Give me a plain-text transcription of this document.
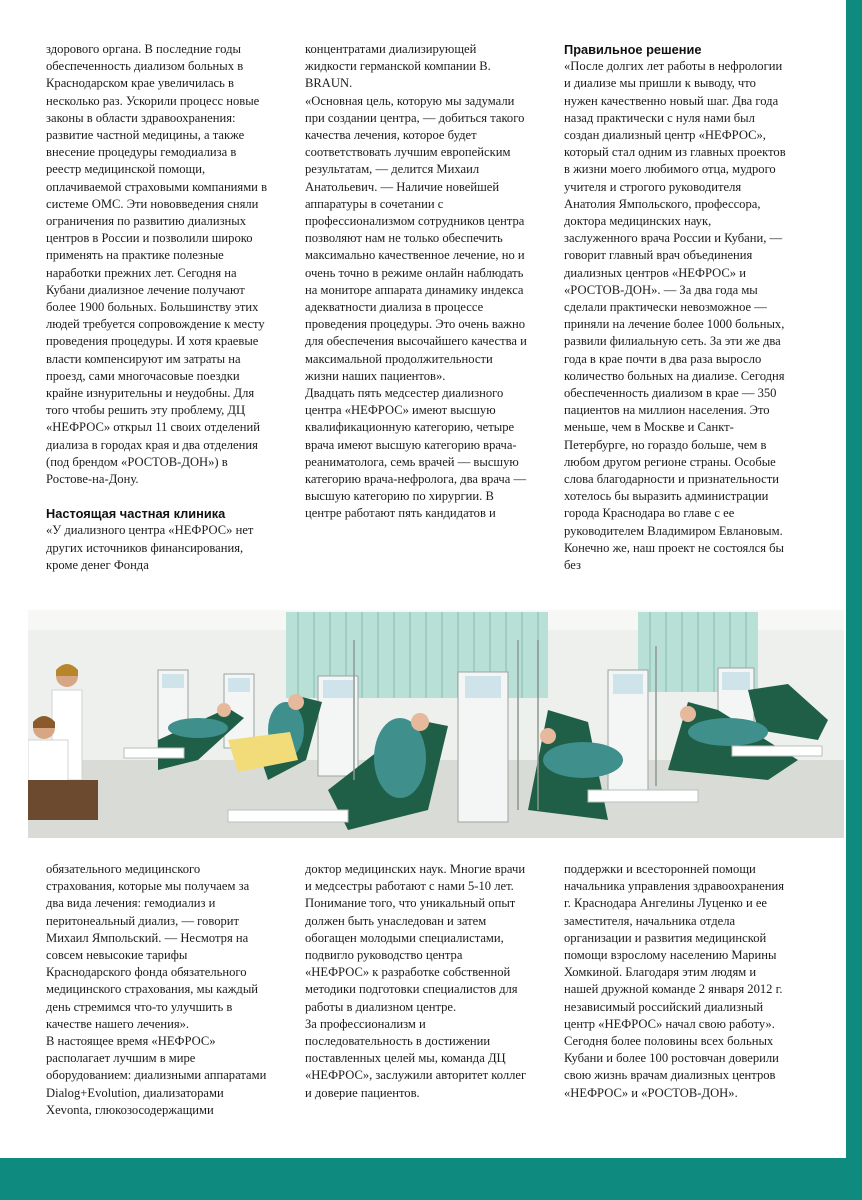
здорового органа. В последние годы обеспеченность диализом больных в Краснодарском крае увеличилась в несколько раз. Ускорили процесс новые законы в области здравоохранения: развитие частной медицины, а также внесение процедуры гемодиализа в реестр медицинской помощи, оплачиваемой страховыми компаниями в системе ОМС. Эти нововведения сняли ограничения по развитию диализных центров в России и позволили широко применять на практике полезные наработки прежних лет. Сегодня на Кубани диализное лечение получают более 1900 больных. Большинству этих людей требуется сопровождение к месту проведения процедуры. И хотя краевые власти компенсируют им затраты на проезд, сами многочасовые поездки крайне изнурительны и неудобны. Для того чтобы решить эту проблему, ДЦ «НЕФРОС» открыл 11 своих отделений диализа в городах края и два отделения (под брендом «РОСТОВ-ДОН») в Ростове-на-Дону.

Настоящая частная клиника

«У диализного центра «НЕФРОС» нет других источников финансирования, кроме денег Фонда

концентратами диализирующей жидкости германской компании B. BRAUN.

«Основная цель, которую мы задумали при создании центра, — добиться такого качества лечения, которое будет соответствовать лучшим европейским результатам, — делится Михаил Анатольевич. — Наличие новейшей аппаратуры в сочетании с профессионализмом сотрудников центра позволяют нам не только обеспечить максимально качественное лечение, но и очень точно в режиме онлайн наблюдать на мониторе аппарата динамику индекса адекватности диализа в процессе проведения процедуры. Это очень важно для обеспечения высочайшего качества и максимальной продолжительности жизни наших пациентов».

Двадцать пять медсестер диализного центра «НЕФРОС» имеют высшую квалификационную категорию, четыре врача имеют высшую категорию врача-реаниматолога, семь врачей — высшую категорию врача-нефролога, два врача — высшую категорию по хирургии. В центре работают пять кандидатов и

Правильное решение

«После долгих лет работы в нефрологии и диализе мы пришли к выводу, что нужен качественно новый шаг. Два года назад практически с нуля нами был создан диализный центр «НЕФРОС», который стал одним из главных проектов в жизни моего любимого отца, мудрого учителя и строгого руководителя Анатолия Ямпольского, профессора, доктора медицинских наук, заслуженного врача России и Кубани, — говорит главный врач объединения диализных центров «НЕФРОС» и «РОСТОВ-ДОН». — За два года мы сделали практически невозможное — приняли на лечение более 1000 больных, развили филиальную сеть. За эти же два года в крае почти в два раза выросло количество больных на диализе. Сегодня обеспеченность диализом в крае — 350 пациентов на миллион населения. Это меньше, чем в Москве и Санкт-Петербурге, но гораздо больше, чем в любом другом регионе страны. Особые слова благодарности и признательности хотелось бы выразить администрации города Краснодара во главе с ее руководителем Владимиром Евлановым. Конечно же, наш проект не состоялся бы без

обязательного медицинского страхования, которые мы получаем за два вида лечения: гемодиализ и перитонеальный диализ, — говорит Михаил Ямпольский. — Несмотря на совсем невысокие тарифы Краснодарского фонда обязательного медицинского страхования, мы каждый день стремимся что-то улучшить в качестве нашего лечения».

В настоящее время «НЕФРОС» располагает лучшим в мире оборудованием: диализными аппаратами Dialog+Evolution, диализаторами Xevonta, глюкозосодержащими

доктор медицинских наук. Многие врачи и медсестры работают с нами 5-10 лет.

Понимание того, что уникальный опыт должен быть унаследован и затем обогащен молодыми специалистами, подвигло руководство центра «НЕФРОС» к разработке собственной методики подготовки специалистов для работы в диализном центре.

За профессионализм и последовательность в достижении поставленных целей мы, команда ДЦ «НЕФРОС», заслужили авторитет коллег и доверие пациентов.

поддержки и всесторонней помощи начальника управления здравоохранения г. Краснодара Ангелины Луценко и ее заместителя, начальника отдела организации и развития медицинской помощи взрослому населению Марины Хомкиной. Благодаря этим людям и нашей дружной команде 2 января 2012 г. независимый российский диализный центр «НЕФРОС» начал свою работу». Сегодня более половины всех больных Кубани и более 100 ростовчан доверили свою жизнь врачам диализных центров «НЕФРОС» и «РОСТОВ-ДОН».
